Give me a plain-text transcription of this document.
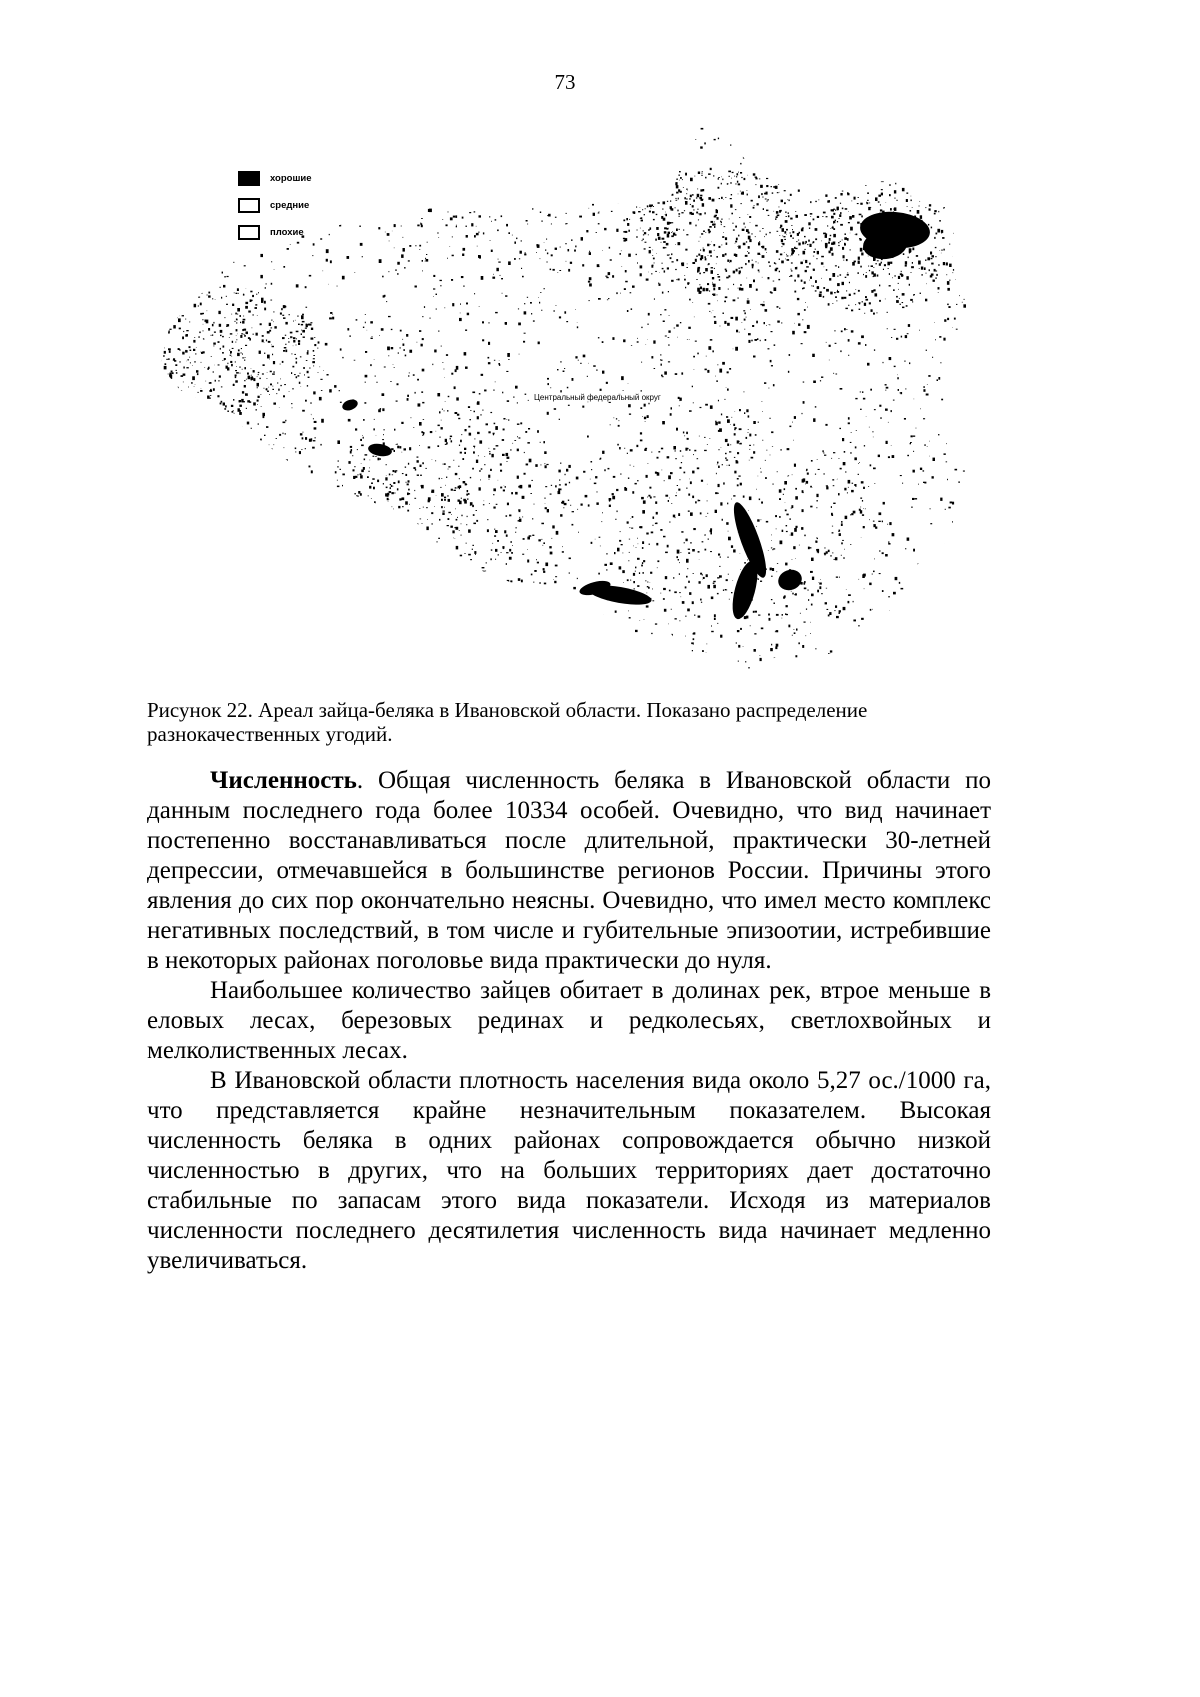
73
хорошие
средние
плохие
Центральный федеральный округ
Рисунок 22. Ареал зайца-беляка в Ивановской области. Показано распределение разнокачественных угодий.

Численность. Общая численность беляка в Ивановской области по данным последнего года более 10334 особей. Очевидно, что вид начинает постепенно восстанавливаться после длительной, практически 30-летней депрессии, отмечавшейся в большинстве регионов России. Причины этого явления до сих пор окончательно неясны. Очевидно, что имел место комплекс негативных последствий, в том числе и губительные эпизоотии, истребившие в некоторых районах поголовье вида практически до нуля.

Наибольшее количество зайцев обитает в долинах рек, втрое меньше в еловых лесах, березовых рединах и редколесьях, светлохвойных и мелколиственных лесах.

В Ивановской области плотность населения вида около 5,27 ос./1000 га, что представляется крайне незначительным показателем. Высокая численность беляка в одних районах сопровождается обычно низкой численностью в других, что на больших территориях дает достаточно стабильные по запасам этого вида показатели. Исходя из материалов численности последнего десятилетия численность вида начинает медленно увеличиваться.
